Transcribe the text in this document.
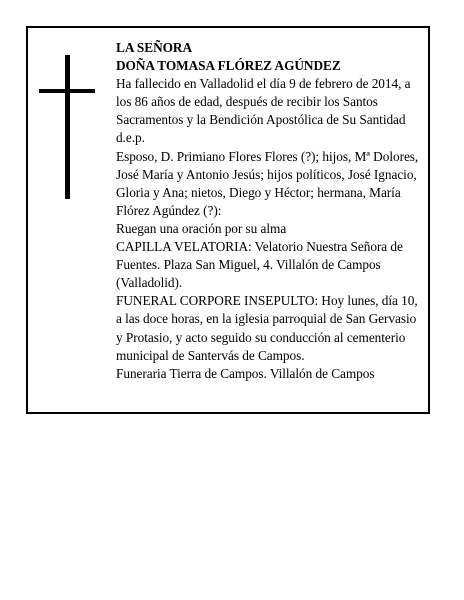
LA SEÑORA

DOÑA TOMASA FLÓREZ AGÚNDEZ

Ha fallecido en Valladolid el día 9 de febrero de 2014, a los 86 años de edad, después de recibir los Santos Sacramentos y la Bendición Apostólica de Su Santidad d.e.p.

Esposo, D. Primiano Flores Flores (?); hijos, Mª Dolores, José María y Antonio Jesús; hijos políticos, José Ignacio, Gloria y Ana; nietos, Diego y Héctor; hermana, María Flórez Agúndez (?):

Ruegan una oración por su alma

CAPILLA VELATORIA: Velatorio Nuestra Señora de Fuentes. Plaza San Miguel, 4. Villalón de Campos (Valladolid).

FUNERAL CORPORE INSEPULTO: Hoy lunes, día 10, a las doce horas, en la iglesia parroquial de San Gervasio y Protasio, y acto seguido su conducción al cementerio municipal de Santervás de Campos.

Funeraria Tierra de Campos. Villalón de Campos
